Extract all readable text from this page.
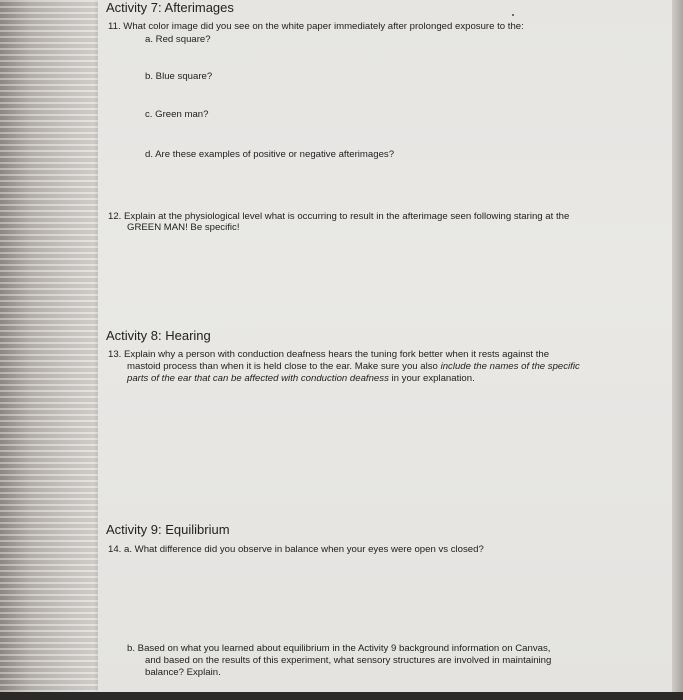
Activity 7: Afterimages
11. What color image did you see on the white paper immediately after prolonged exposure to the:
a. Red square?
b. Blue square?
c. Green man?
d. Are these examples of positive or negative afterimages?
12. Explain at the physiological level what is occurring to result in the afterimage seen following staring at the
GREEN MAN! Be specific!
Activity 8: Hearing
13. Explain why a person with conduction deafness hears the tuning fork better when it rests against the
mastoid process than when it is held close to the ear. Make sure you also include the names of the specific
parts of the ear that can be affected with conduction deafness in your explanation.
Activity 9: Equilibrium
14. a. What difference did you observe in balance when your eyes were open vs closed?
b. Based on what you learned about equilibrium in the Activity 9 background information on Canvas,
and based on the results of this experiment, what sensory structures are involved in maintaining
balance? Explain.
